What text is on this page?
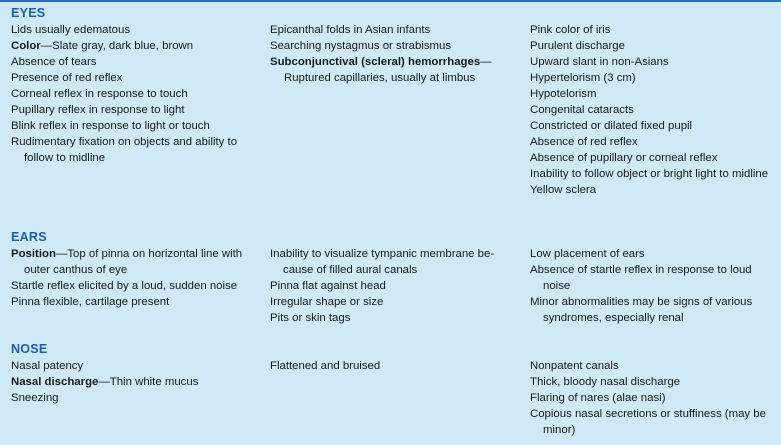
EYES
Lids usually edematous
Color—Slate gray, dark blue, brown
Absence of tears
Presence of red reflex
Corneal reflex in response to touch
Pupillary reflex in response to light
Blink reflex in response to light or touch
Rudimentary fixation on objects and ability to follow to midline
Epicanthal folds in Asian infants
Searching nystagmus or strabismus
Subconjunctival (scleral) hemorrhages—
Ruptured capillaries, usually at limbus
Pink color of iris
Purulent discharge
Upward slant in non-Asians
Hypertelorism (3 cm)
Hypotelorism
Congenital cataracts
Constricted or dilated fixed pupil
Absence of red reflex
Absence of pupillary or corneal reflex
Inability to follow object or bright light to midline
Yellow sclera
EARS
Position—Top of pinna on horizontal line with outer canthus of eye
Startle reflex elicited by a loud, sudden noise
Pinna flexible, cartilage present
Inability to visualize tympanic membrane be- cause of filled aural canals
Pinna flat against head
Irregular shape or size
Pits or skin tags
Low placement of ears
Absence of startle reflex in response to loud noise
Minor abnormalities may be signs of various syndromes, especially renal
NOSE
Nasal patency
Nasal discharge—Thin white mucus
Sneezing
Flattened and bruised	Nonpatent canals
Thick, bloody nasal discharge
Flaring of nares (alae nasi)
Copious nasal secretions or stuffiness (may be minor)
